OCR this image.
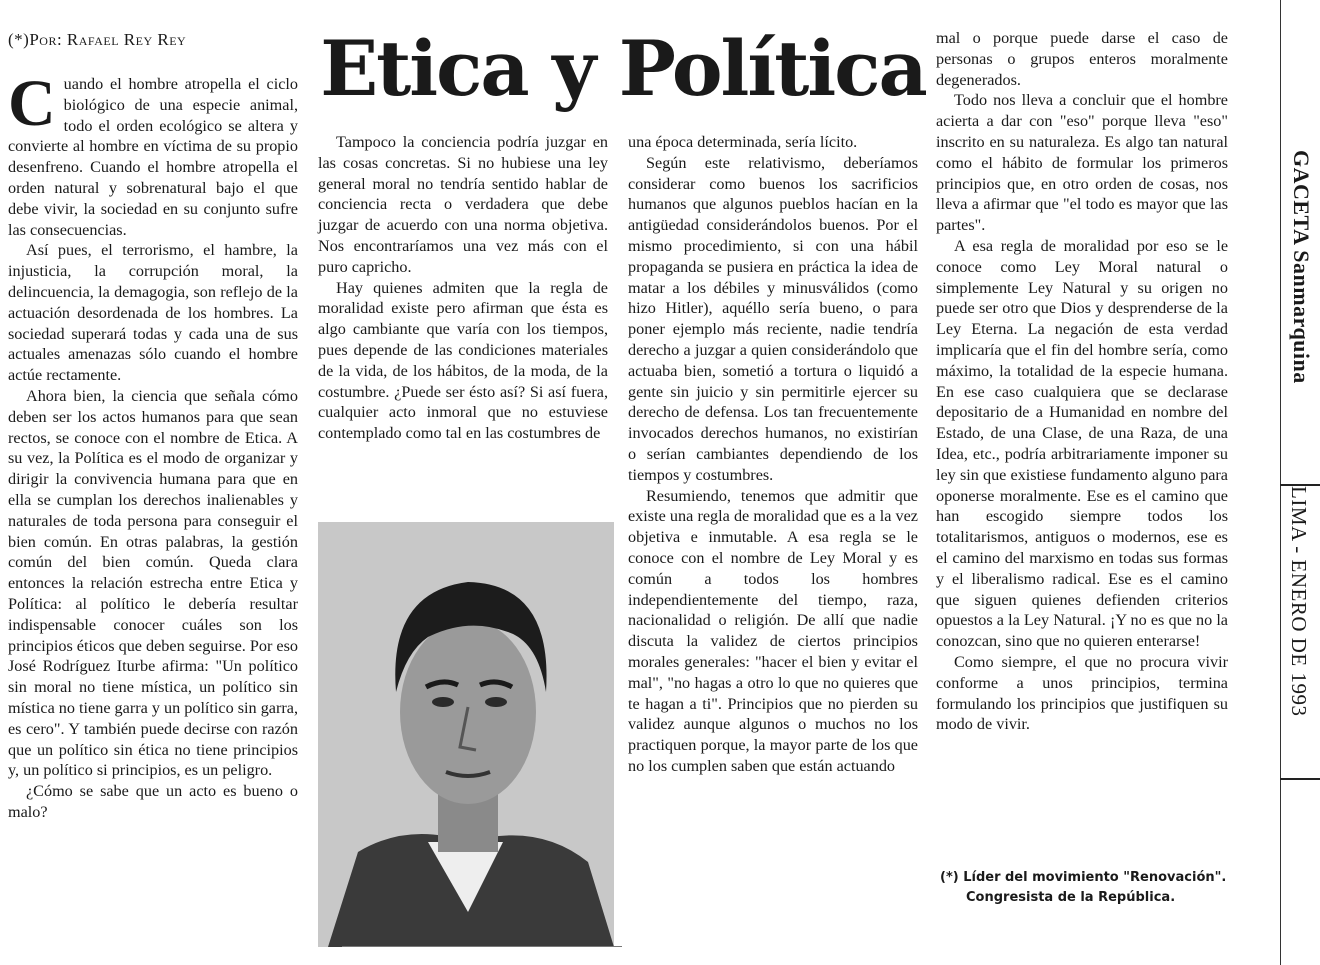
(*)Por: Rafael Rey Rey Etica y Política
C uando el hombre atropella el ciclo biológico de una especie animal, todo el orden ecológico se altera y convierte al hombre en víctima de su propio desenfreno. Cuando el hombre atropella el orden natural y sobrenatural bajo el que debe vivir, la sociedad en su conjunto sufre las consecuencias.

Así pues, el terrorismo, el hambre, la injusticia, la corrupción moral, la delincuencia, la demagogia, son reflejo de la actuación desordenada de los hombres. La sociedad superará todas y cada una de sus actuales amenazas sólo cuando el hombre actúe rectamente.

Ahora bien, la ciencia que señala cómo deben ser los actos humanos para que sean rectos, se conoce con el nombre de Etica. A su vez, la Política es el modo de organizar y dirigir la convivencia humana para que en ella se cumplan los derechos inalienables y naturales de toda persona para conseguir el bien común. En otras palabras, la gestión común del bien común. Queda clara entonces la relación estrecha entre Etica y Política: al político le debería resultar indispensable conocer cuáles son los principios éticos que deben seguirse. Por eso José Rodríguez Iturbe afirma: "Un político sin moral no tiene mística, un político sin mística no tiene garra y un político sin garra, es cero". Y también puede decirse con razón que un político sin ética no tiene principios y, un político si principios, es un peligro.

¿Cómo se sabe que un acto es bueno o malo?

Tampoco la conciencia podría juzgar en las cosas concretas. Si no hubiese una ley general moral no tendría sentido hablar de conciencia recta o verdadera que debe juzgar de acuerdo con una norma objetiva. Nos encontraríamos una vez más con el puro capricho.

Hay quienes admiten que la regla de moralidad existe pero afirman que ésta es algo cambiante que varía con los tiempos, pues depende de las condiciones materiales de la vida, de los hábitos, de la moda, de la costumbre. ¿Puede ser ésto así? Si así fuera, cualquier acto inmoral que no estuviese contemplado como tal en las costumbres de

una época determinada, sería lícito.

Según este relativismo, deberíamos considerar como buenos los sacrificios humanos que algunos pueblos hacían en la antigüedad considerándolos buenos. Por el mismo procedimiento, si con una hábil propaganda se pusiera en práctica la idea de matar a los débiles y minusválidos (como hizo Hitler), aquéllo sería bueno, o para poner ejemplo más reciente, nadie tendría derecho a juzgar a quien considerándolo que actuaba bien, sometió a tortura o liquidó a gente sin juicio y sin permitirle ejercer su derecho de defensa. Los tan frecuentemente invocados derechos humanos, no existirían o serían cambiantes dependiendo de los tiempos y costumbres.

Resumiendo, tenemos que admitir que existe una regla de moralidad que es a la vez objetiva e inmutable. A esa regla se le conoce con el nombre de Ley Moral y es común a todos los hombres independientemente del tiempo, raza, nacionalidad o religión. De allí que nadie discuta la validez de ciertos principios morales generales: "hacer el bien y evitar el mal", "no hagas a otro lo que no quieres que te hagan a ti". Principios que no pierden su validez aunque algunos o muchos no los practiquen porque, la mayor parte de los que no los cumplen saben que están actuando

mal o porque puede darse el caso de personas o grupos enteros moralmente degenerados.

Todo nos lleva a concluir que el hombre acierta a dar con "eso" porque lleva "eso" inscrito en su naturaleza. Es algo tan natural como el hábito de formular los primeros principios que, en otro orden de cosas, nos lleva a afirmar que "el todo es mayor que las partes".

A esa regla de moralidad por eso se le conoce como Ley Moral natural o simplemente Ley Natural y su origen no puede ser otro que Dios y desprenderse de la Ley Eterna. La negación de esta verdad implicaría que el fin del hombre sería, como máximo, la totalidad de la especie humana. En ese caso cualquiera que se declarase depositario de a Humanidad en nombre del Estado, de una Clase, de una Raza, de una Idea, etc., podría arbitrariamente imponer su ley sin que existiese fundamento alguno para oponerse moralmente. Ese es el camino que han escogido siempre todos los totalitarismos, antiguos o modernos, ese es el camino del marxismo en todas sus formas y el liberalismo radical. Ese es el camino que siguen quienes defienden criterios opuestos a la Ley Natural. ¡Y no es que no la conozcan, sino que no quieren enterarse!

Como siempre, el que no procura vivir conforme a unos principios, termina formulando los principios que justifiquen su modo de vivir.

(*) Líder del movimiento "Renovación".
Congresista de la República.
GACETA Sanmarquina
LIMA - ENERO DE 1993
